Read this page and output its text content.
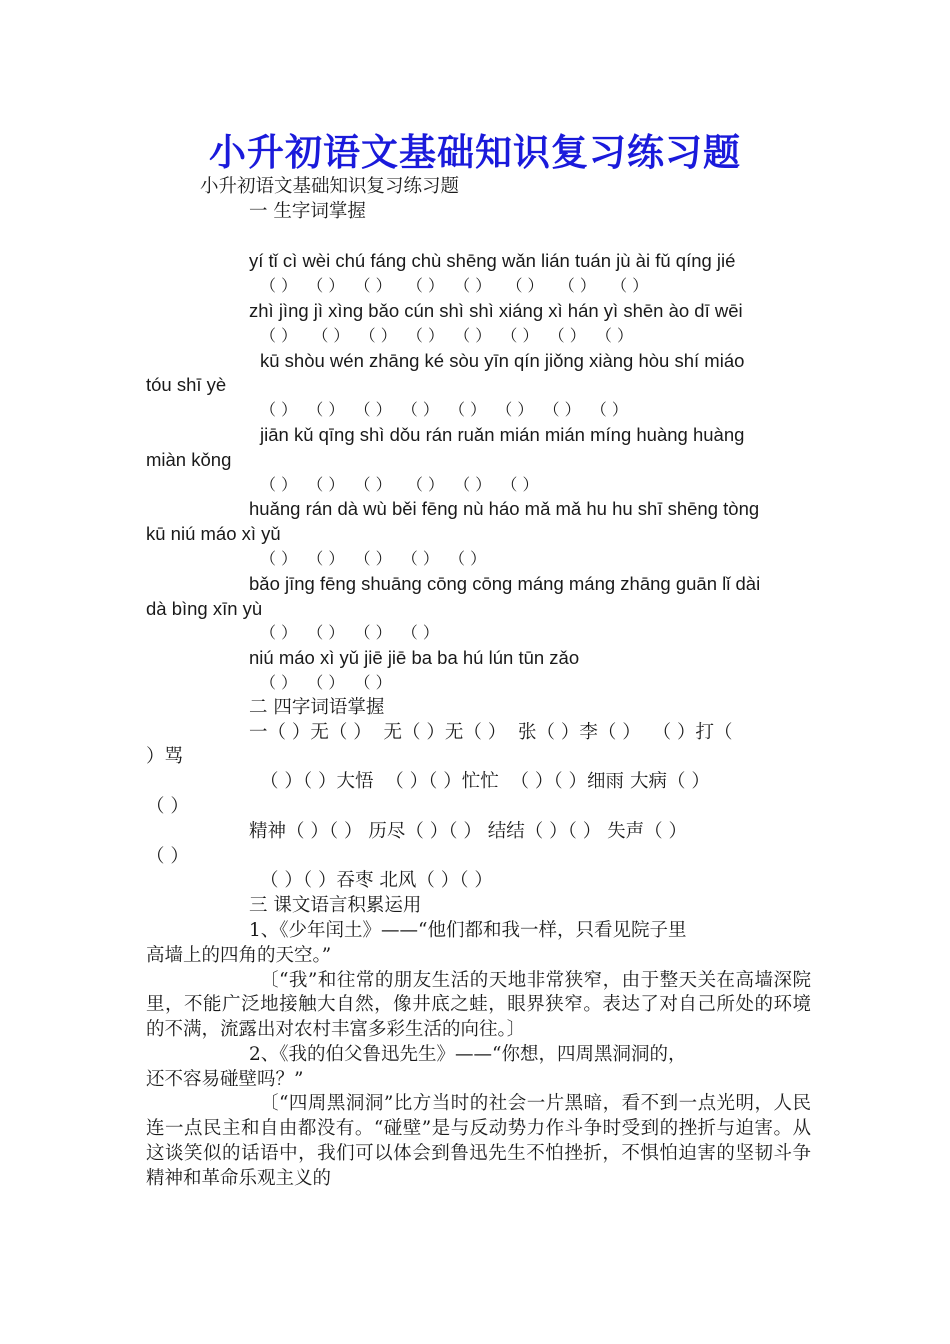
小升初语文基础知识复习练习题
小升初语文基础知识复习练习题
一 生字词掌握
yí tǐ cì wèi chú fáng chù shēng wǎn lián tuán jù ài fǔ qíng jié
（ ）  （ ）  （ ）   （ ）  （ ）   （ ）   （ ）   （ ）
zhì jìng jì xìng bǎo cún shì shì xiáng xì hán yì shēn ào dī wēi
（ ）   （ ）  （ ）  （ ）  （ ）  （ ）  （ ）  （ ）
kū shòu wén zhāng ké sòu yīn qín jiǒng xiàng hòu shí miáo
tóu shī yè
（ ）  （ ）  （ ）  （ ）  （ ）  （ ）  （ ）  （ ）
jiān kǔ qīng shì dǒu rán ruǎn mián mián míng huàng huàng
miàn kǒng
（ ）  （ ）  （ ）   （ ）  （ ）  （ ）
huǎng rán dà wù běi fēng nù háo mǎ mǎ hu hu shī shēng tòng
kū niú máo xì yǔ
（ ）  （ ）  （ ）  （ ）  （ ）
bǎo jīng fēng shuāng cōng cōng máng máng zhāng guān lǐ dài
dà bìng xīn yù
（ ）  （ ）  （ ）  （ ）
niú máo xì yǔ jiē jiē ba ba hú lún tūn zǎo
（ ）  （ ）  （ ）
二 四字词语掌握
一（ ）无（ ）  无（ ）无（ ）  张（ ）李（ ）  （ ）打（
）骂
（ ）（ ）大悟  （ ）（ ）忙忙  （ ）（ ）细雨 大病（ ）
（ ）
精神（ ）（ ） 历尽（ ）（ ） 结结（ ）（ ） 失声（ ）
（ ）
（ ）（ ）吞枣 北风（ ）（ ）
三 课文语言积累运用
1、《少年闰土》——“他们都和我一样，只看见院子里
高墙上的四角的天空。”
〔“我”和往常的朋友生活的天地非常狭窄，由于整天关在高墙深院里，不能广泛地接触大自然，像井底之蛙，眼界狭窄。表达了对自己所处的环境的不满，流露出对农村丰富多彩生活的向往。〕
2、《我的伯父鲁迅先生》——“你想，四周黑洞洞的，
还不容易碰壁吗？”
〔“四周黑洞洞”比方当时的社会一片黑暗，看不到一点光明，人民连一点民主和自由都没有。“碰壁”是与反动势力作斗争时受到的挫折与迫害。从这谈笑似的话语中，我们可以体会到鲁迅先生不怕挫折，不惧怕迫害的坚韧斗争精神和革命乐观主义的
